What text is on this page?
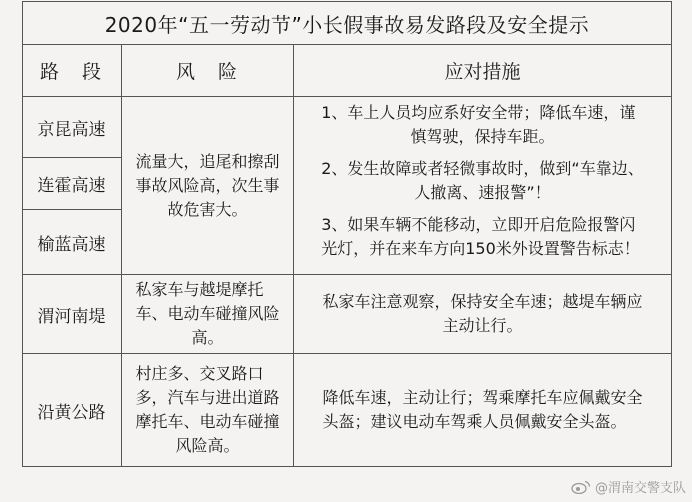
2020年“五一劳动节”小长假事故易发路段及安全提示
路　段	风　险	应对措施
京昆高速
连霍高速
榆蓝高速
渭河南堤
沿黄公路
流量大，追尾和擦刮
事故风险高，次生事
故危害大。
1、车上人员均应系好安全带；降低车速，谨
慎驾驶，保持车距。
2、发生故障或者轻微事故时，做到“车靠边、
人撤离、速报警”！
3、如果车辆不能移动，立即开启危险报警闪
光灯，并在来车方向150米外设置警告标志！
私家车与越堤摩托
车、电动车碰撞风险
高。
私家车注意观察，保持安全车速；越堤车辆应
主动让行。
村庄多、交叉路口
多，汽车与进出道路
摩托车、电动车碰撞
风险高。
降低车速，主动让行；驾乘摩托车应佩戴安全
头盔；建议电动车驾乘人员佩戴安全头盔。
@渭南交警支队
